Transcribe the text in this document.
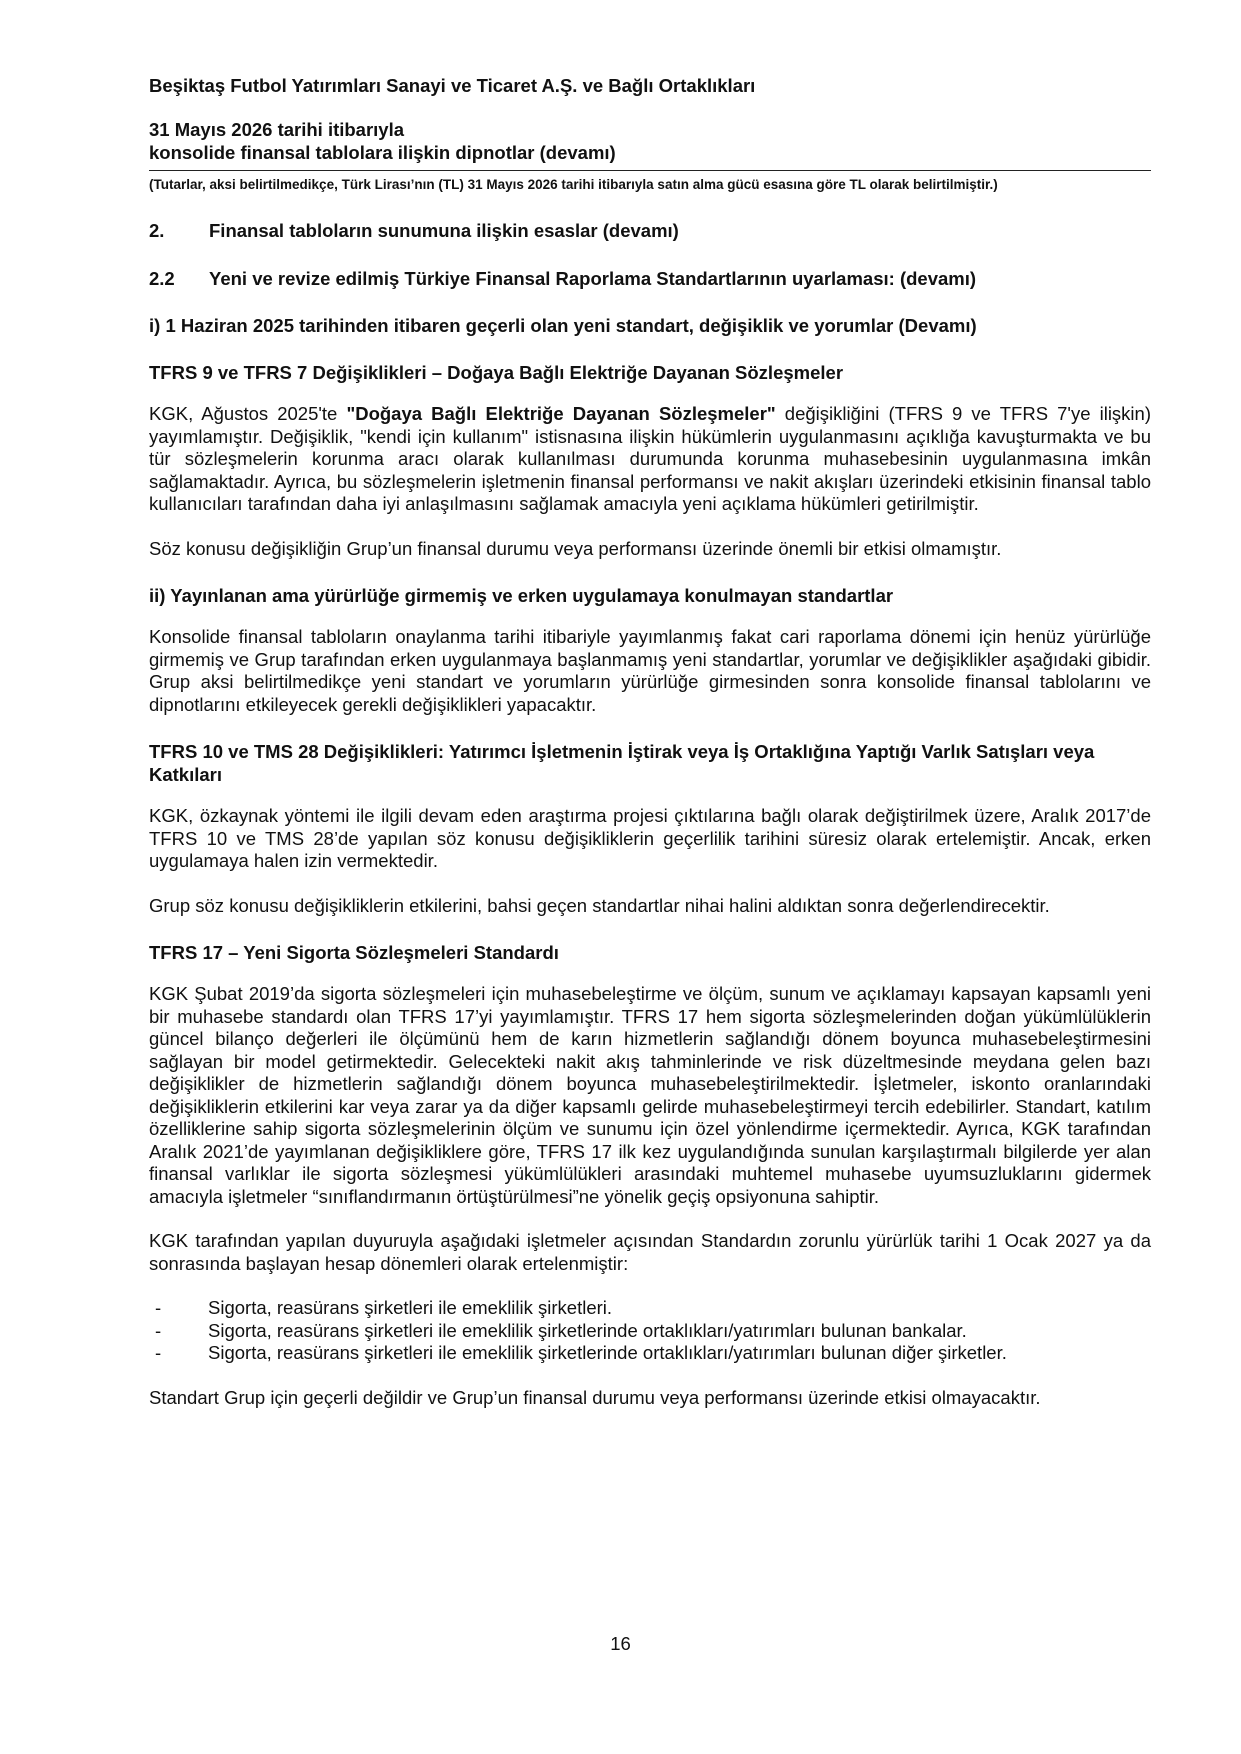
Beşiktaş Futbol Yatırımları Sanayi ve Ticaret A.Ş. ve Bağlı Ortaklıkları
31 Mayıs 2026 tarihi itibarıyla
konsolide finansal tablolara ilişkin dipnotlar (devamı)
(Tutarlar, aksi belirtilmedikçe, Türk Lirası’nın (TL) 31 Mayıs 2026 tarihi itibarıyla satın alma gücü esasına göre TL olarak belirtilmiştir.)
2.	Finansal tabloların sunumuna ilişkin esaslar (devamı)
2.2	Yeni ve revize edilmiş Türkiye Finansal Raporlama Standartlarının uyarlaması: (devamı)
i) 1 Haziran 2025 tarihinden itibaren geçerli olan yeni standart, değişiklik ve yorumlar (Devamı)
TFRS 9 ve TFRS 7 Değişiklikleri – Doğaya Bağlı Elektriğe Dayanan Sözleşmeler

KGK, Ağustos 2025'te "Doğaya Bağlı Elektriğe Dayanan Sözleşmeler" değişikliğini (TFRS 9 ve TFRS 7'ye ilişkin) yayımlamıştır. Değişiklik, "kendi için kullanım" istisnasına ilişkin hükümlerin uygulanmasını açıklığa kavuşturmakta ve bu tür sözleşmelerin korunma aracı olarak kullanılması durumunda korunma muhasebesinin uygulanmasına imkân sağlamaktadır. Ayrıca, bu sözleşmelerin işletmenin finansal performansı ve nakit akışları üzerindeki etkisinin finansal tablo kullanıcıları tarafından daha iyi anlaşılmasını sağlamak amacıyla yeni açıklama hükümleri getirilmiştir.

Söz konusu değişikliğin Grup’un finansal durumu veya performansı üzerinde önemli bir etkisi olmamıştır.

ii) Yayınlanan ama yürürlüğe girmemiş ve erken uygulamaya konulmayan standartlar

Konsolide finansal tabloların onaylanma tarihi itibariyle yayımlanmış fakat cari raporlama dönemi için henüz yürürlüğe girmemiş ve Grup tarafından erken uygulanmaya başlanmamış yeni standartlar, yorumlar ve değişiklikler aşağıdaki gibidir. Grup aksi belirtilmedikçe yeni standart ve yorumların yürürlüğe girmesinden sonra konsolide finansal tablolarını ve dipnotlarını etkileyecek gerekli değişiklikleri yapacaktır.

TFRS 10 ve TMS 28 Değişiklikleri: Yatırımcı İşletmenin İştirak veya İş Ortaklığına Yaptığı Varlık Satışları veya Katkıları

KGK, özkaynak yöntemi ile ilgili devam eden araştırma projesi çıktılarına bağlı olarak değiştirilmek üzere, Aralık 2017’de TFRS 10 ve TMS 28’de yapılan söz konusu değişikliklerin geçerlilik tarihini süresiz olarak ertelemiştir. Ancak, erken uygulamaya halen izin vermektedir.

Grup söz konusu değişikliklerin etkilerini, bahsi geçen standartlar nihai halini aldıktan sonra değerlendirecektir.

TFRS 17 – Yeni Sigorta Sözleşmeleri Standardı

KGK Şubat 2019’da sigorta sözleşmeleri için muhasebeleştirme ve ölçüm, sunum ve açıklamayı kapsayan kapsamlı yeni bir muhasebe standardı olan TFRS 17’yi yayımlamıştır. TFRS 17 hem sigorta sözleşmelerinden doğan yükümlülüklerin güncel bilanço değerleri ile ölçümünü hem de karın hizmetlerin sağlandığı dönem boyunca muhasebeleştirmesini sağlayan bir model getirmektedir. Gelecekteki nakit akış tahminlerinde ve risk düzeltmesinde meydana gelen bazı değişiklikler de hizmetlerin sağlandığı dönem boyunca muhasebeleştirilmektedir. İşletmeler, iskonto oranlarındaki değişikliklerin etkilerini kar veya zarar ya da diğer kapsamlı gelirde muhasebeleştirmeyi tercih edebilirler. Standart, katılım özelliklerine sahip sigorta sözleşmelerinin ölçüm ve sunumu için özel yönlendirme içermektedir. Ayrıca, KGK tarafından Aralık 2021’de yayımlanan değişikliklere göre, TFRS 17 ilk kez uygulandığında sunulan karşılaştırmalı bilgilerde yer alan finansal varlıklar ile sigorta sözleşmesi yükümlülükleri arasındaki muhtemel muhasebe uyumsuzluklarını gidermek amacıyla işletmeler “sınıflandırmanın örtüştürülmesi”ne yönelik geçiş opsiyonuna sahiptir.

KGK tarafından yapılan duyuruyla aşağıdaki işletmeler açısından Standardın zorunlu yürürlük tarihi 1 Ocak 2027 ya da sonrasında başlayan hesap dönemleri olarak ertelenmiştir:

-	Sigorta, reasürans şirketleri ile emeklilik şirketleri.
-	Sigorta, reasürans şirketleri ile emeklilik şirketlerinde ortaklıkları/yatırımları bulunan bankalar.
-	Sigorta, reasürans şirketleri ile emeklilik şirketlerinde ortaklıkları/yatırımları bulunan diğer şirketler.

Standart Grup için geçerli değildir ve Grup’un finansal durumu veya performansı üzerinde etkisi olmayacaktır.

16
